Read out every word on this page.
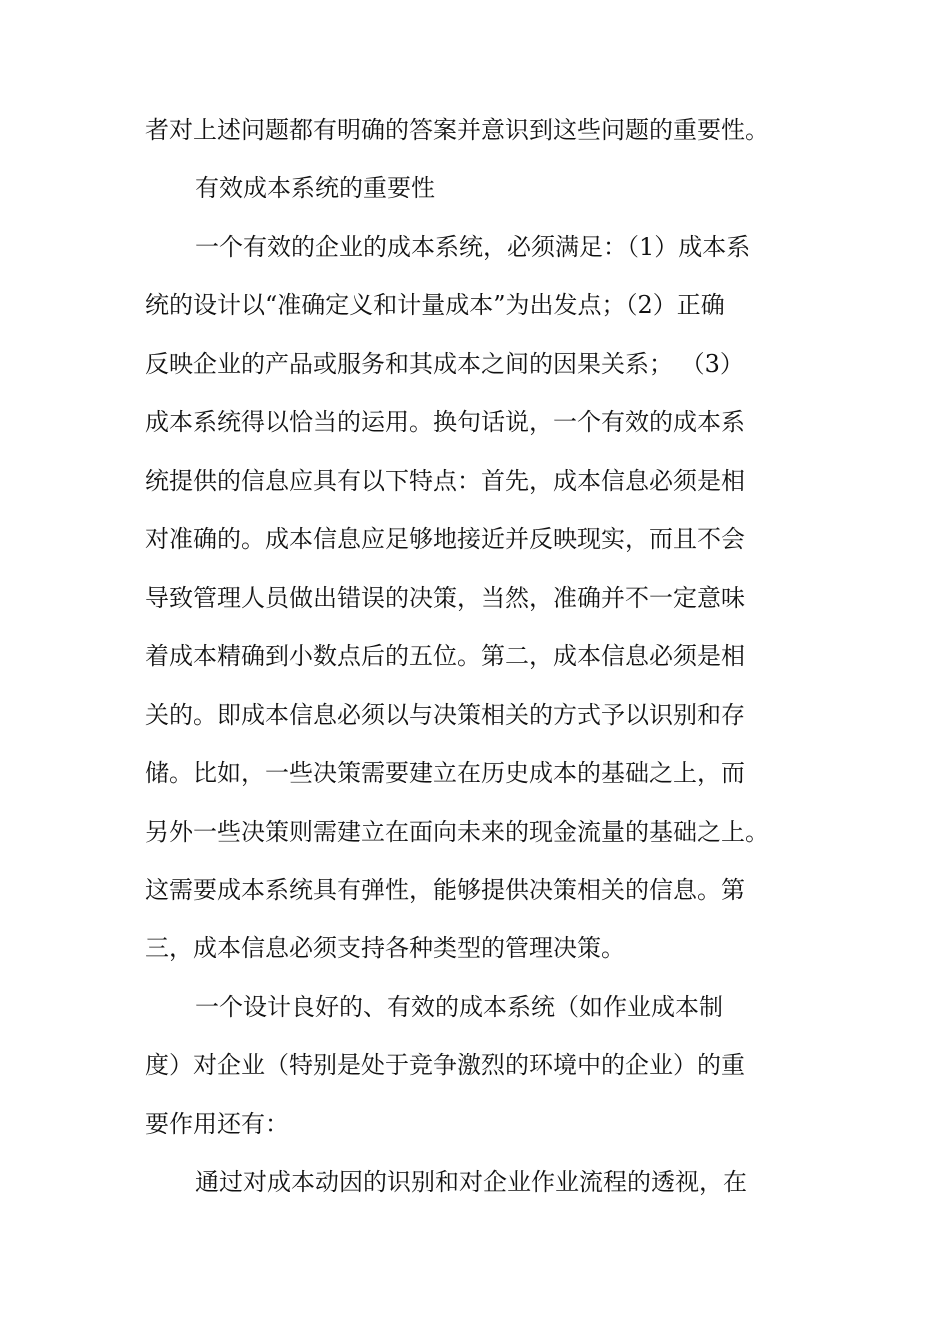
者对上述问题都有明确的答案并意识到这些问题的重要性。

有效成本系统的重要性

一个有效的企业的成本系统，必须满足：（1）成本系

统的设计以“准确定义和计量成本”为出发点；（2）正确

反映企业的产品或服务和其成本之间的因果关系； （3）

成本系统得以恰当的运用。换句话说，一个有效的成本系

统提供的信息应具有以下特点：首先，成本信息必须是相

对准确的。成本信息应足够地接近并反映现实，而且不会

导致管理人员做出错误的决策，当然，准确并不一定意味

着成本精确到小数点后的五位。第二，成本信息必须是相

关的。即成本信息必须以与决策相关的方式予以识别和存

储。比如，一些决策需要建立在历史成本的基础之上，而

另外一些决策则需建立在面向未来的现金流量的基础之上。

这需要成本系统具有弹性，能够提供决策相关的信息。第

三，成本信息必须支持各种类型的管理决策。

一个设计良好的、有效的成本系统（如作业成本制

度）对企业（特别是处于竞争激烈的环境中的企业）的重

要作用还有：

通过对成本动因的识别和对企业作业流程的透视，在
